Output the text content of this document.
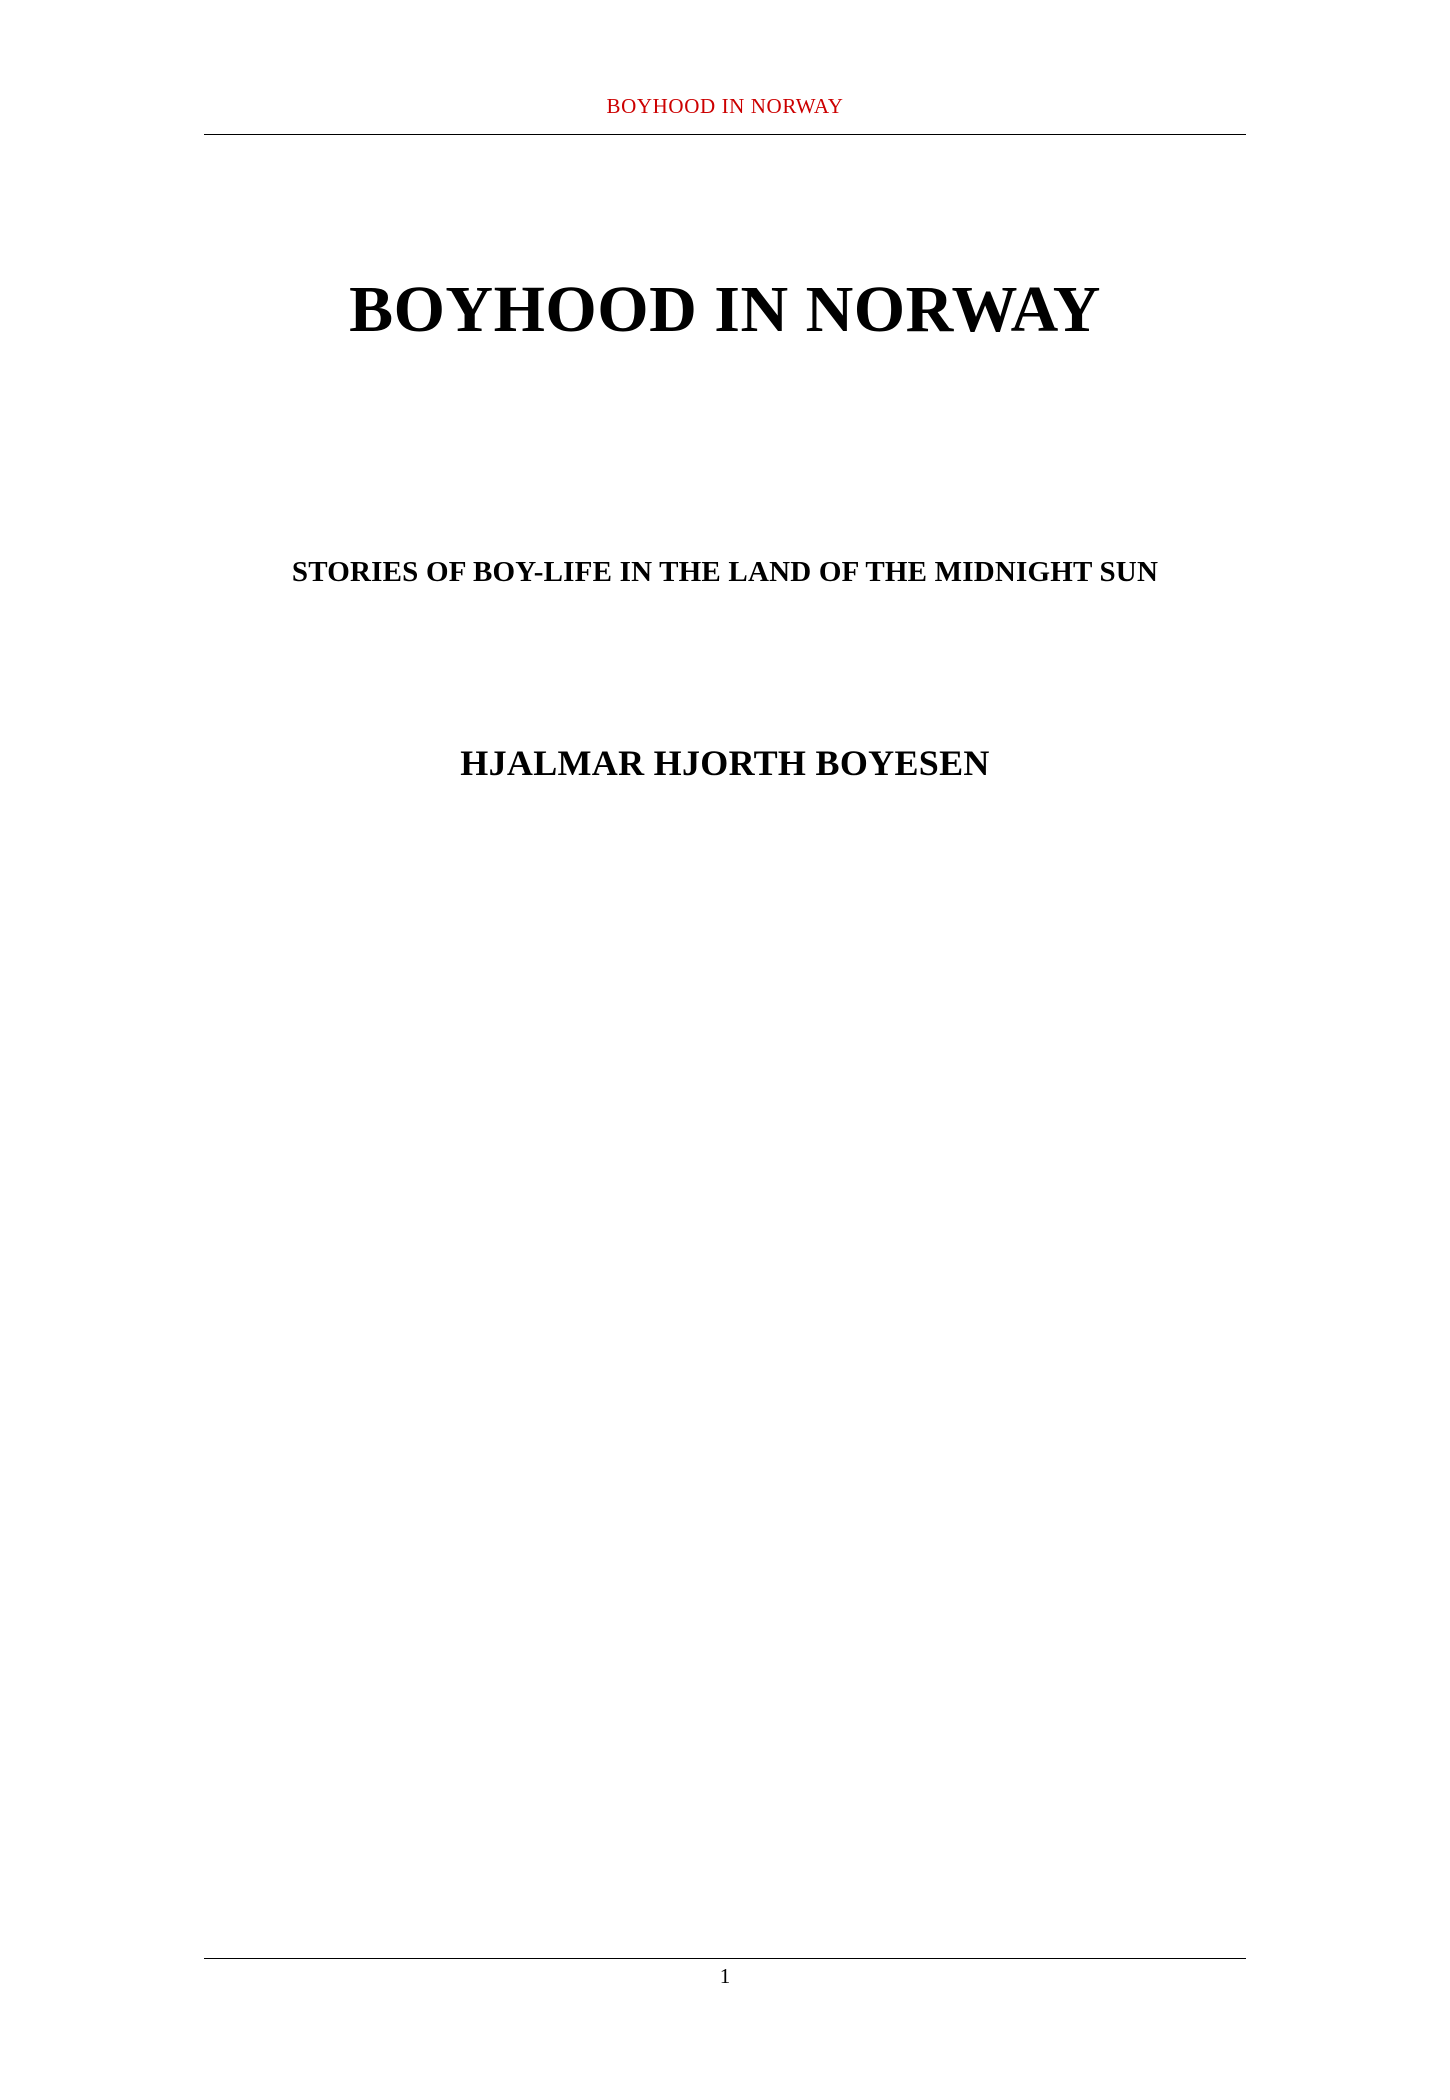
BOYHOOD IN NORWAY
BOYHOOD IN NORWAY
STORIES OF BOY-LIFE IN THE LAND OF THE MIDNIGHT SUN
HJALMAR HJORTH BOYESEN
1
